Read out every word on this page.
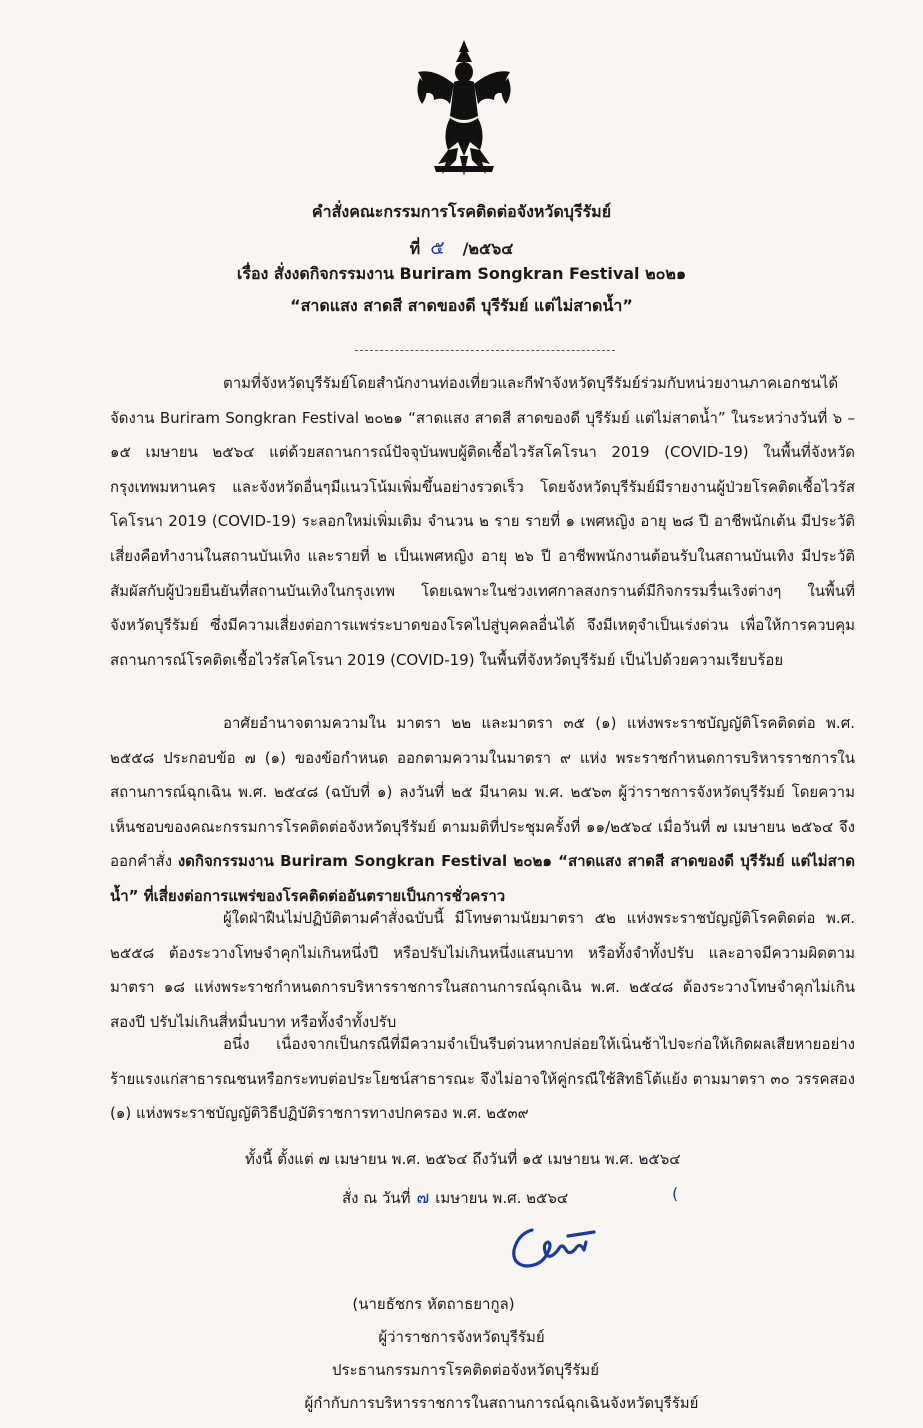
คำสั่งคณะกรรมการโรคติดต่อจังหวัดบุรีรัมย์
ที่ ๕ /๒๕๖๔
เรื่อง สั่งงดกิจกรรมงาน Buriram Songkran Festival ๒๐๒๑
“สาดแสง สาดสี สาดของดี บุรีรัมย์ แต่ไม่สาดน้ำ”

ตามที่จังหวัดบุรีรัมย์โดยสำนักงานท่องเที่ยวและกีฬาจังหวัดบุรีรัมย์ร่วมกับหน่วยงานภาคเอกชนได้จัดงาน Buriram Songkran Festival ๒๐๒๑ “สาดแสง สาดสี สาดของดี บุรีรัมย์ แต่ไม่สาดน้ำ” ในระหว่างวันที่ ๖ – ๑๕ เมษายน ๒๕๖๔ แต่ด้วยสถานการณ์ปัจจุบันพบผู้ติดเชื้อไวรัสโคโรนา 2019 (COVID-19) ในพื้นที่จังหวัดกรุงเทพมหานคร และจังหวัดอื่นๆมีแนวโน้มเพิ่มขึ้นอย่างรวดเร็ว โดยจังหวัดบุรีรัมย์มีรายงานผู้ป่วยโรคติดเชื้อไวรัสโคโรนา 2019 (COVID-19) ระลอกใหม่เพิ่มเติม จำนวน ๒ ราย รายที่ ๑ เพศหญิง อายุ ๒๘ ปี อาชีพนักเต้น มีประวัติเสี่ยงคือทำงานในสถานบันเทิง และรายที่ ๒ เป็นเพศหญิง อายุ ๒๖ ปี อาชีพพนักงานต้อนรับในสถานบันเทิง มีประวัติสัมผัสกับผู้ป่วยยืนยันที่สถานบันเทิงในกรุงเทพ โดยเฉพาะในช่วงเทศกาลสงกรานต์มีกิจกรรมรื่นเริงต่างๆ ในพื้นที่จังหวัดบุรีรัมย์ ซึ่งมีความเสี่ยงต่อการแพร่ระบาดของโรคไปสู่บุคคลอื่นได้ จึงมีเหตุจำเป็นเร่งด่วน เพื่อให้การควบคุมสถานการณ์โรคติดเชื้อไวรัสโคโรนา 2019 (COVID-19) ในพื้นที่จังหวัดบุรีรัมย์ เป็นไปด้วยความเรียบร้อย

อาศัยอำนาจตามความใน มาตรา ๒๒ และมาตรา ๓๕ (๑) แห่งพระราชบัญญัติโรคติดต่อ พ.ศ. ๒๕๕๘ ประกอบข้อ ๗ (๑) ของข้อกำหนด ออกตามความในมาตรา ๙ แห่ง พระราชกำหนดการบริหารราชการในสถานการณ์ฉุกเฉิน พ.ศ. ๒๕๔๘ (ฉบับที่ ๑) ลงวันที่ ๒๕ มีนาคม พ.ศ. ๒๕๖๓ ผู้ว่าราชการจังหวัดบุรีรัมย์ โดยความเห็นชอบของคณะกรรมการโรคติดต่อจังหวัดบุรีรัมย์ ตามมติที่ประชุมครั้งที่ ๑๑/๒๕๖๔ เมื่อวันที่ ๗ เมษายน ๒๕๖๔ จึงออกคำสั่ง งดกิจกรรมงาน Buriram Songkran Festival ๒๐๒๑ “สาดแสง สาดสี สาดของดี บุรีรัมย์ แต่ไม่สาดน้ำ” ที่เสี่ยงต่อการแพร่ของโรคติดต่ออันตรายเป็นการชั่วคราว

ผู้ใดฝ่าฝืนไม่ปฏิบัติตามคำสั่งฉบับนี้ มีโทษตามนัยมาตรา ๕๒ แห่งพระราชบัญญัติโรคติดต่อ พ.ศ. ๒๕๕๘ ต้องระวางโทษจำคุกไม่เกินหนึ่งปี หรือปรับไม่เกินหนึ่งแสนบาท หรือทั้งจำทั้งปรับ และอาจมีความผิดตามมาตรา ๑๘ แห่งพระราชกำหนดการบริหารราชการในสถานการณ์ฉุกเฉิน พ.ศ. ๒๕๔๘ ต้องระวางโทษจำคุกไม่เกินสองปี ปรับไม่เกินสี่หมื่นบาท หรือทั้งจำทั้งปรับ

อนึ่ง เนื่องจากเป็นกรณีที่มีความจำเป็นรีบด่วนหากปล่อยให้เนิ่นช้าไปจะก่อให้เกิดผลเสียหายอย่างร้ายแรงแก่สาธารณชนหรือกระทบต่อประโยชน์สาธารณะ จึงไม่อาจให้คู่กรณีใช้สิทธิโต้แย้ง ตามมาตรา ๓๐ วรรคสอง (๑) แห่งพระราชบัญญัติวิธีปฏิบัติราชการทางปกครอง พ.ศ. ๒๕๓๙

ทั้งนี้ ตั้งแต่ ๗ เมษายน พ.ศ. ๒๕๖๔ ถึงวันที่ ๑๕ เมษายน พ.ศ. ๒๕๖๔
สั่ง ณ วันที่ ๗ เมษายน พ.ศ. ๒๕๖๔	(
(นายธัชกร หัตถาธยากูล)
ผู้ว่าราชการจังหวัดบุรีรัมย์
ประธานกรรมการโรคติดต่อจังหวัดบุรีรัมย์
ผู้กำกับการบริหารราชการในสถานการณ์ฉุกเฉินจังหวัดบุรีรัมย์
